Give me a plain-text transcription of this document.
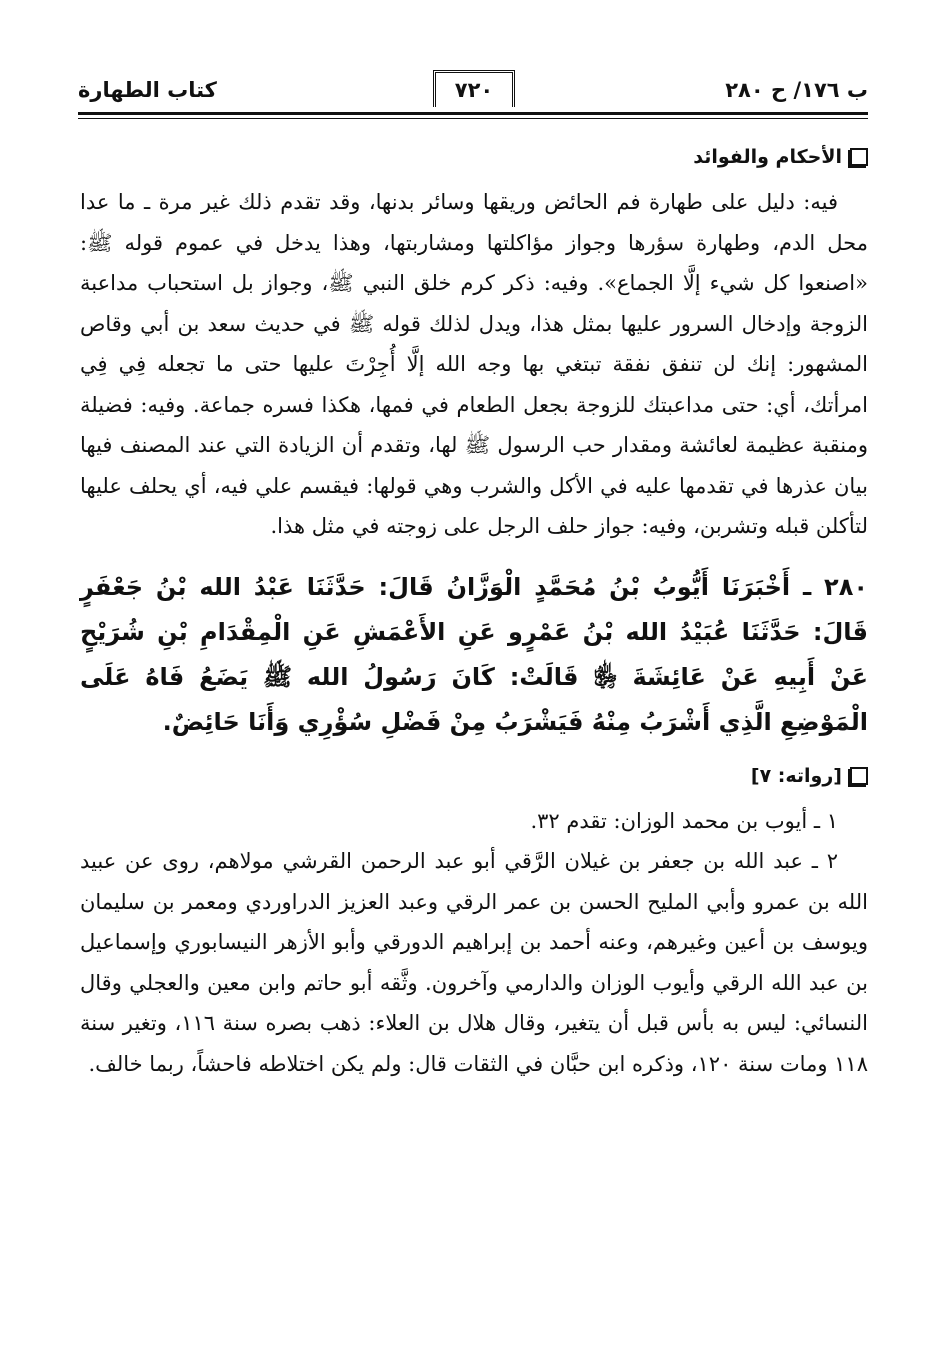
ب ١٧٦/ ح ٢٨٠
٧٢٠
كتاب الطهارة
الأحكام والفوائد

فيه: دليل على طهارة فم الحائض وريقها وسائر بدنها، وقد تقدم ذلك غير مرة ـ ما عدا محل الدم، وطهارة سؤرها وجواز مؤاكلتها ومشاربتها، وهذا يدخل في عموم قوله ﷺ: «اصنعوا كل شيء إلَّا الجماع». وفيه: ذكر كرم خلق النبي ﷺ، وجواز بل استحباب مداعبة الزوجة وإدخال السرور عليها بمثل هذا، ويدل لذلك قوله ﷺ في حديث سعد بن أبي وقاص المشهور: إنك لن تنفق نفقة تبتغي بها وجه الله إلَّا أُجِرْتَ عليها حتى ما تجعله فِي فِي امرأتك، أي: حتى مداعبتك للزوجة بجعل الطعام في فمها، هكذا فسره جماعة. وفيه: فضيلة ومنقبة عظيمة لعائشة ومقدار حب الرسول ﷺ لها، وتقدم أن الزيادة التي عند المصنف فيها بيان عذرها في تقدمها عليه في الأكل والشرب وهي قولها: فيقسم علي فيه، أي يحلف عليها لتأكلن قبله وتشربن، وفيه: جواز حلف الرجل على زوجته في مثل هذا.

٢٨٠ ـ أَخْبَرَنَا أَيُّوبُ بْنُ مُحَمَّدٍ الْوَزَّانُ قَالَ: حَدَّثَنَا عَبْدُ الله بْنُ جَعْفَرٍ قَالَ: حَدَّثَنَا عُبَيْدُ الله بْنُ عَمْرٍو عَنِ الأَعْمَشِ عَنِ الْمِقْدَامِ بْنِ شُرَيْحٍ عَنْ أَبِيهِ عَنْ عَائِشَةَ ﵂ قَالَتْ: كَانَ رَسُولُ الله ﷺ يَضَعُ فَاهُ عَلَى الْمَوْضِعِ الَّذِي أَشْرَبُ مِنْهُ فَيَشْرَبُ مِنْ فَضْلِ سُؤْرِي وَأَنَا حَائِضٌ.

[رواته: ٧]

١ ـ أيوب بن محمد الوزان: تقدم ٣٢.

٢ ـ عبد الله بن جعفر بن غيلان الرَّقي أبو عبد الرحمن القرشي مولاهم، روى عن عبيد الله بن عمرو وأبي المليح الحسن بن عمر الرقي وعبد العزيز الدراوردي ومعمر بن سليمان ويوسف بن أعين وغيرهم، وعنه أحمد بن إبراهيم الدورقي وأبو الأزهر النيسابوري وإسماعيل بن عبد الله الرقي وأيوب الوزان والدارمي وآخرون. وثَّقه أبو حاتم وابن معين والعجلي وقال النسائي: ليس به بأس قبل أن يتغير، وقال هلال بن العلاء: ذهب بصره سنة ١١٦، وتغير سنة ١١٨ ومات سنة ١٢٠، وذكره ابن حبَّان في الثقات قال: ولم يكن اختلاطه فاحشاً، ربما خالف.
